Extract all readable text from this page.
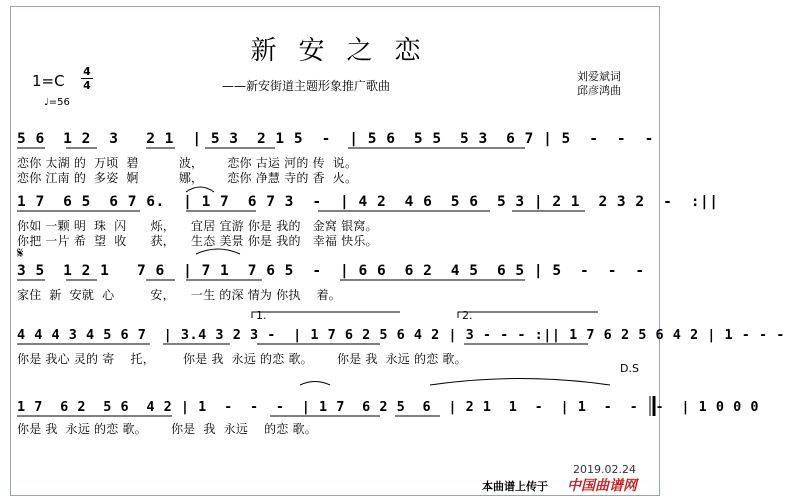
新安之恋
——新安街道主题形象推广歌曲
1=C
4
4
♩=56
刘爱斌词
邱彦鸿曲
5 6  1 2  3   2 1  | 5 3  2 1 5  -  | 5 6  5 5  5 3  6 7 | 5  -  -  -
恋你 太湖 的  万顷  碧          波，      恋你 古运 河的 传  说。
恋你 江南 的  多姿  婀          娜，      恋你 净慧 寺的 香  火。
1 7  6 5  6 7 6.  | 1 7  6 7 3  -  | 4 2  4 6  5 6  5 3 | 2 1  2 3 2  -  :||
你如 一颗 明  珠  闪      烁，    宜居 宜游 你是 我的   金窝 银窝。
你把 一片 希  望  收      获，    生态 美景 你是 我的   幸福 快乐。
𝄋
3 5  1 2 1   7 6  | 7 1  7 6 5  -  | 6 6  6 2  4 5  6 5 | 5  -  -  -
家住  新  安就  心         安，    一生 的深 情为 你执    着。
1.	2.
4 4 4 3 4 5 6 7  | 3.4 3 2 3 -  | 1 7 6 2 5 6 4 2 | 3 - - - :|| 1 7 6 2 5 6 4 2 | 1 - - -
你是 我心 灵的 寄    托，       你是 我  永远 的恋 歌。      你是 我  永远 的恋 歌。
D.S
1 7  6 2  5 6  4 2 | 1  -  -  -  | 1 7  6 2 5  6  | 2 1  1  -  | 1  -  -  -  | 1 0 0 0
你是 我  永远 的恋 歌。      你是  我  永远    的恋 歌。
2019.02.24
本曲谱上传于 中国曲谱网
